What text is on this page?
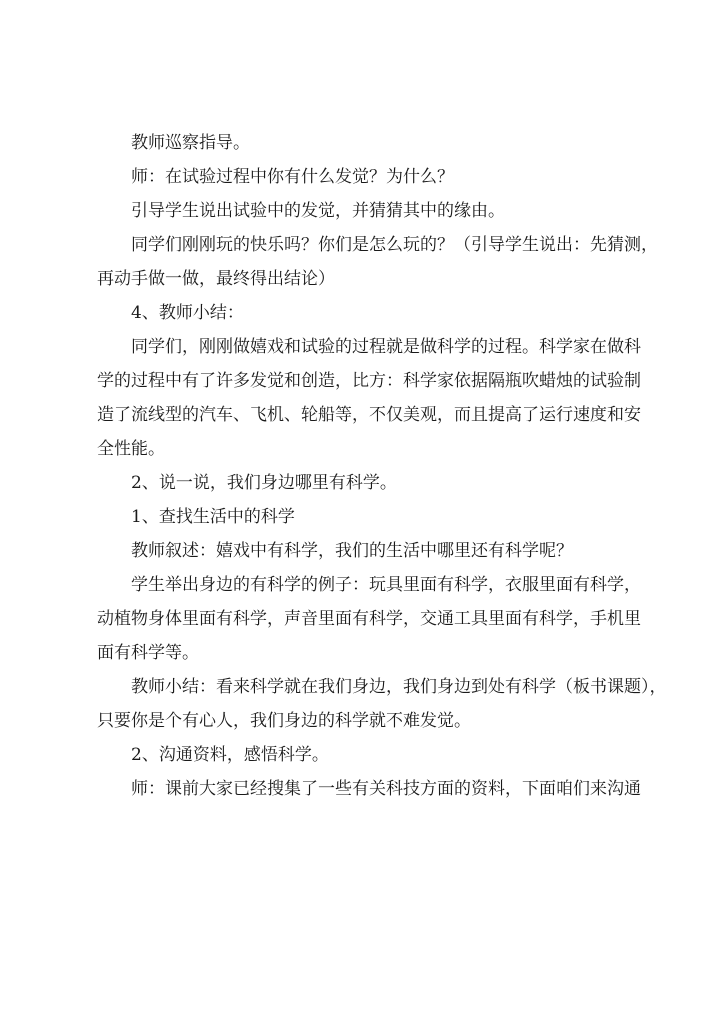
教师巡察指导。
师：在试验过程中你有什么发觉？为什么？
引导学生说出试验中的发觉，并猜猜其中的缘由。
同学们刚刚玩的快乐吗？你们是怎么玩的？（引导学生说出：先猜测，
再动手做一做，最终得出结论）
4、教师小结：
同学们，刚刚做嬉戏和试验的过程就是做科学的过程。科学家在做科
学的过程中有了许多发觉和创造，比方：科学家依据隔瓶吹蜡烛的试验制
造了流线型的汽车、飞机、轮船等，不仅美观，而且提高了运行速度和安
全性能。
2、说一说，我们身边哪里有科学。
1、查找生活中的科学
教师叙述：嬉戏中有科学，我们的生活中哪里还有科学呢？
学生举出身边的有科学的例子：玩具里面有科学，衣服里面有科学，
动植物身体里面有科学，声音里面有科学，交通工具里面有科学，手机里
面有科学等。
教师小结：看来科学就在我们身边，我们身边到处有科学（板书课题），
只要你是个有心人，我们身边的科学就不难发觉。
2、沟通资料，感悟科学。
师：课前大家已经搜集了一些有关科技方面的资料，下面咱们来沟通
